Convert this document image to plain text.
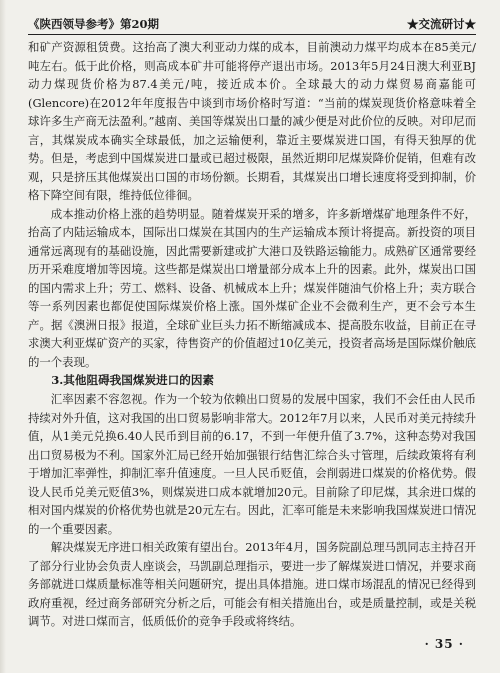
《陕西领导参考》第20期	★交流研讨★

和矿产资源租赁费。这抬高了澳大利亚动力煤的成本，目前澳动力煤平均成本在85美元/吨左右。低于此价格，则高成本矿井可能将停产退出市场。2013年5月24日澳大利亚BJ动力煤现货价格为87.4美元/吨，接近成本价。全球最大的动力煤贸易商嘉能可(Glencore)在2012年年度报告中谈到市场价格时写道：“当前的煤炭现货价格意味着全球许多生产商无法盈利。”越南、美国等煤炭出口量的减少便是对此价位的反映。对印尼而言，其煤炭成本确实全球最低，加之运输便利，靠近主要煤炭进口国，有得天独厚的优势。但是，考虑到中国煤炭进口量或已超过极限，虽然近期印尼煤炭降价促销，但难有改观，只是挤压其他煤炭出口国的市场份额。长期看，其煤炭出口增长速度将受到抑制，价格下降空间有限，维持低位徘徊。

成本推动价格上涨的趋势明显。随着煤炭开采的增多，许多新增煤矿地理条件不好，抬高了内陆运输成本，国际出口煤炭在其国内的生产运输成本预计将提高。新投资的项目通常远离现有的基础设施，因此需要新建或扩大港口及铁路运输能力。成熟矿区通常要经历开采难度增加等因境。这些都是煤炭出口增量部分成本上升的因素。此外，煤炭出口国的国内需求上升；劳工、燃料、设备、机械成本上升；煤炭伴随油气价格上升；卖方联合等一系列因素也都促使国际煤炭价格上涨。国外煤矿企业不会微利生产，更不会亏本生产。据《澳洲日报》报道，全球矿业巨头力拓不断缩减成本、提高股东收益，目前正在寻求澳大利亚煤矿资产的买家，待售资产的价值超过10亿美元，投资者高场是国际煤价触底的一个表现。

3.其他阻碍我国煤炭进口的因素

汇率因素不容忽视。作为一个较为依赖出口贸易的发展中国家，我们不会任由人民币持续对外升值，这对我国的出口贸易影响非常大。2012年7月以来，人民币对美元持续升值，从1美元兑换6.40人民币到目前的6.17，不到一年便升值了3.7%，这种态势对我国出口贸易极为不利。国家外汇局已经开始加强银行结售汇综合头寸管理，后续政策将有利于增加汇率弹性，抑制汇率升值速度。一旦人民币贬值，会削弱进口煤炭的价格优势。假设人民币兑美元贬值3%，则煤炭进口成本就增加20元。目前除了印尼煤，其余进口煤的相对国内煤炭的价格优势也就是20元左右。因此，汇率可能是未来影响我国煤炭进口情况的一个重要因素。

解决煤炭无序进口相关政策有望出台。2013年4月，国务院副总理马凯同志主持召开了部分行业协会负责人座谈会，马凯副总理指示，要进一步了解煤炭进口情况，并要求商务部就进口煤质量标准等相关问题研究，提出具体措施。进口煤市场混乱的情况已经得到政府重视，经过商务部研究分析之后，可能会有相关措施出台，或是质量控制，或是关税调节。对进口煤而言，低质低价的竞争手段或将终结。

· 35 ·
